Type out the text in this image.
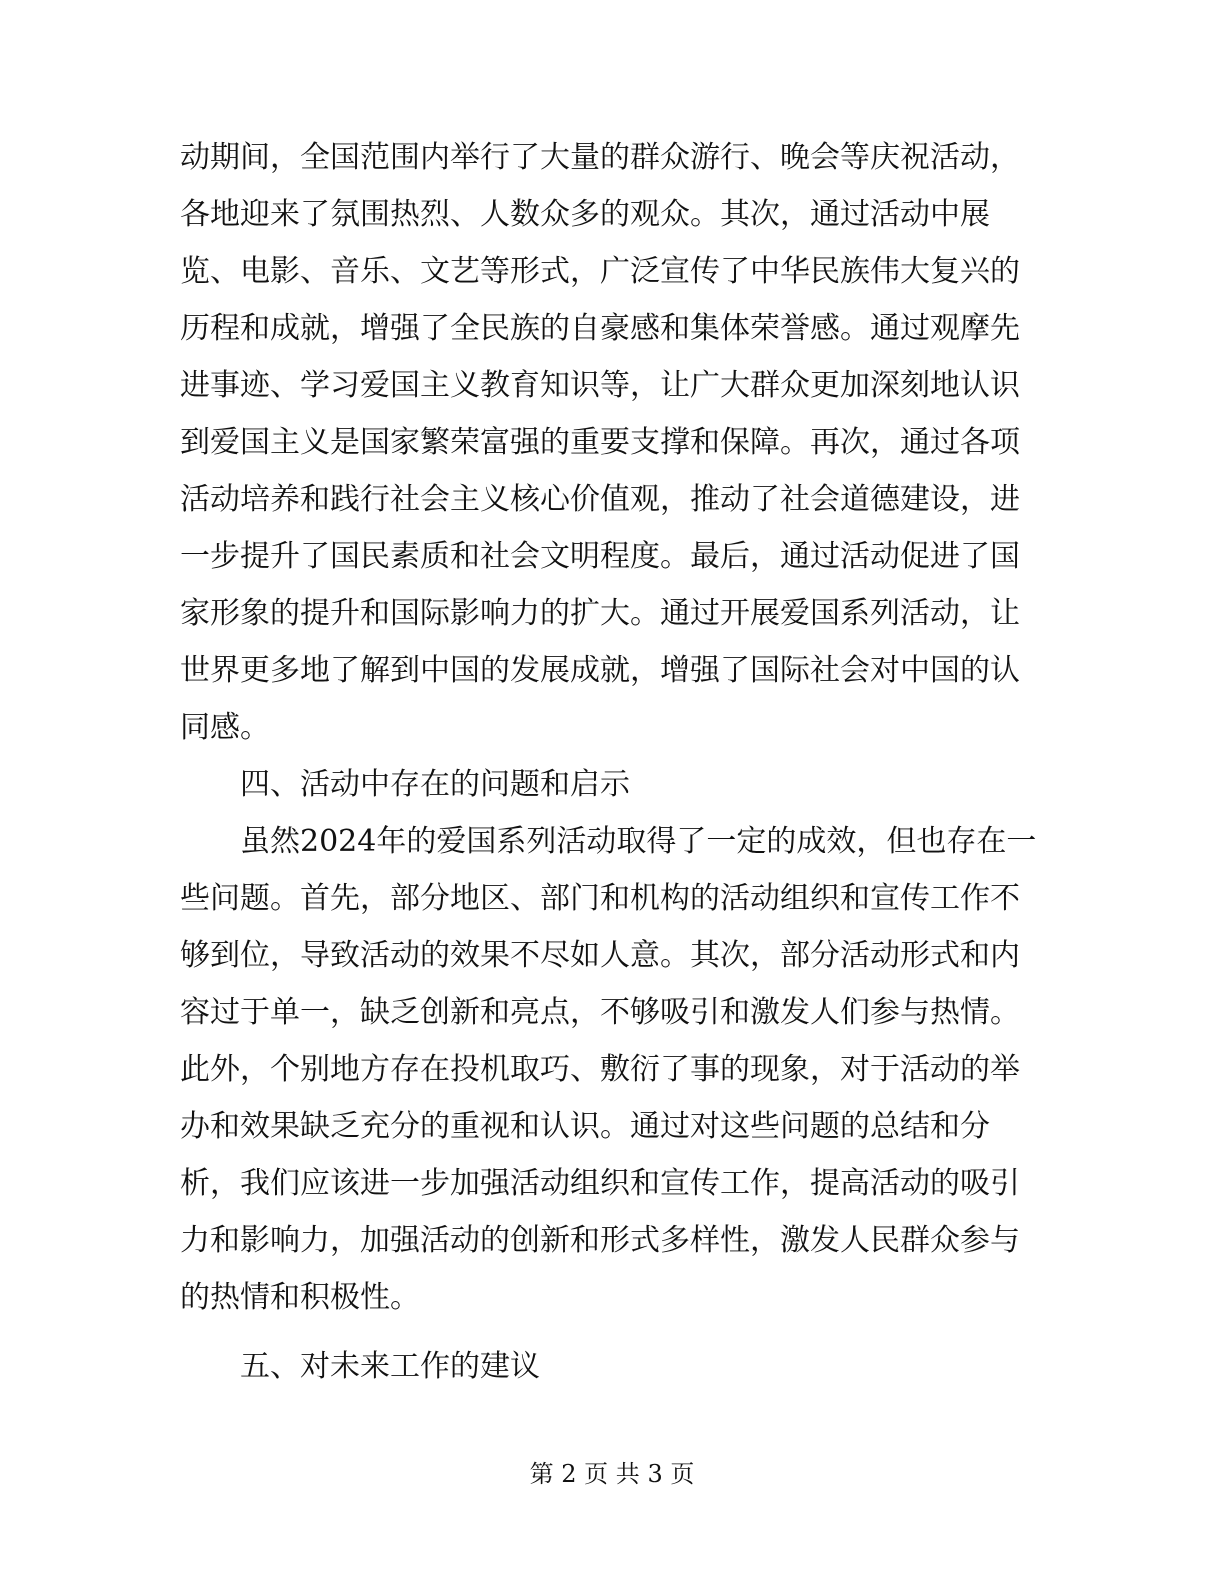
动期间，全国范围内举行了大量的群众游行、晚会等庆祝活动，
各地迎来了氛围热烈、人数众多的观众。其次，通过活动中展
览、电影、音乐、文艺等形式，广泛宣传了中华民族伟大复兴的
历程和成就，增强了全民族的自豪感和集体荣誉感。通过观摩先
进事迹、学习爱国主义教育知识等，让广大群众更加深刻地认识
到爱国主义是国家繁荣富强的重要支撑和保障。再次，通过各项
活动培养和践行社会主义核心价值观，推动了社会道德建设，进
一步提升了国民素质和社会文明程度。最后，通过活动促进了国
家形象的提升和国际影响力的扩大。通过开展爱国系列活动，让
世界更多地了解到中国的发展成就，增强了国际社会对中国的认
同感。
四、活动中存在的问题和启示
虽然2024年的爱国系列活动取得了一定的成效，但也存在一
些问题。首先，部分地区、部门和机构的活动组织和宣传工作不
够到位，导致活动的效果不尽如人意。其次，部分活动形式和内
容过于单一，缺乏创新和亮点，不够吸引和激发人们参与热情。
此外，个别地方存在投机取巧、敷衍了事的现象，对于活动的举
办和效果缺乏充分的重视和认识。通过对这些问题的总结和分
析，我们应该进一步加强活动组织和宣传工作，提高活动的吸引
力和影响力，加强活动的创新和形式多样性，激发人民群众参与
的热情和积极性。
五、对未来工作的建议
第 2 页 共 3 页
